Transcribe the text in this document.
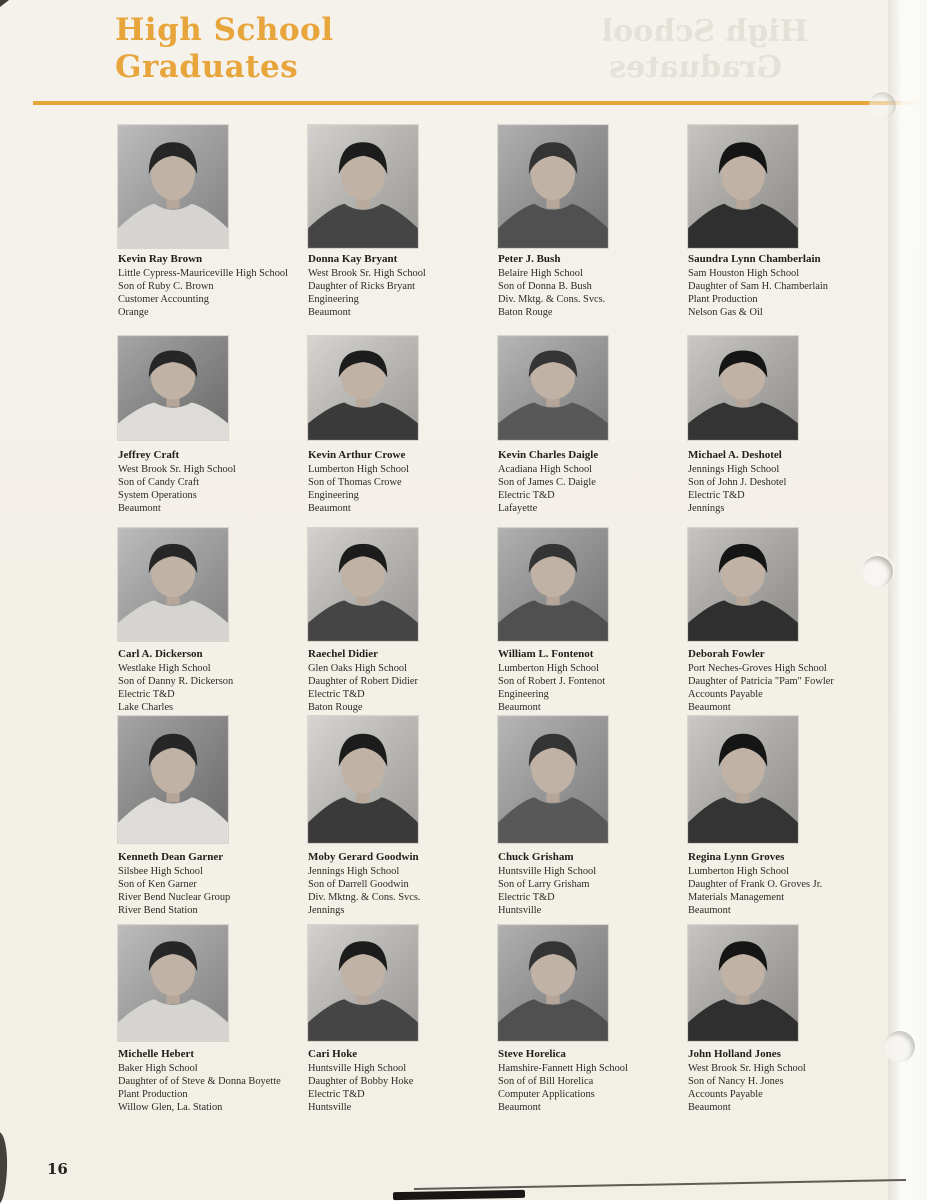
High School
Graduates
High School
Graduates
Kevin Ray Brown
Little Cypress-Mauriceville High School
Son of Ruby C. Brown
Customer Accounting
Orange
Donna Kay Bryant
West Brook Sr. High School
Daughter of Ricks Bryant
Engineering
Beaumont
Peter J. Bush
Belaire High School
Son of Donna B. Bush
Div. Mktg. & Cons. Svcs.
Baton Rouge
Saundra Lynn Chamberlain
Sam Houston High School
Daughter of Sam H. Chamberlain
Plant Production
Nelson Gas & Oil
Jeffrey Craft
West Brook Sr. High School
Son of Candy Craft
System Operations
Beaumont
Kevin Arthur Crowe
Lumberton High School
Son of Thomas Crowe
Engineering
Beaumont
Kevin Charles Daigle
Acadiana High School
Son of James C. Daigle
Electric T&D
Lafayette
Michael A. Deshotel
Jennings High School
Son of John J. Deshotel
Electric T&D
Jennings
Carl A. Dickerson
Westlake High School
Son of Danny R. Dickerson
Electric T&D
Lake Charles
Raechel Didier
Glen Oaks High School
Daughter of Robert Didier
Electric T&D
Baton Rouge
William L. Fontenot
Lumberton High School
Son of Robert J. Fontenot
Engineering
Beaumont
Deborah Fowler
Port Neches-Groves High School
Daughter of Patricia "Pam" Fowler
Accounts Payable
Beaumont
Kenneth Dean Garner
Silsbee High School
Son of Ken Garner
River Bend Nuclear Group
River Bend Station
Moby Gerard Goodwin
Jennings High School
Son of Darrell Goodwin
Div. Mktng. & Cons. Svcs.
Jennings
Chuck Grisham
Huntsville High School
Son of Larry Grisham
Electric T&D
Huntsville
Regina Lynn Groves
Lumberton High School
Daughter of Frank O. Groves Jr.
Materials Management
Beaumont
Michelle Hebert
Baker High School
Daughter of of Steve & Donna Boyette
Plant Production
Willow Glen, La. Station
Cari Hoke
Huntsville High School
Daughter of Bobby Hoke
Electric T&D
Huntsville
Steve Horelica
Hamshire-Fannett High School
Son of of Bill Horelica
Computer Applications
Beaumont
John Holland Jones
West Brook Sr. High School
Son of Nancy H. Jones
Accounts Payable
Beaumont
16
